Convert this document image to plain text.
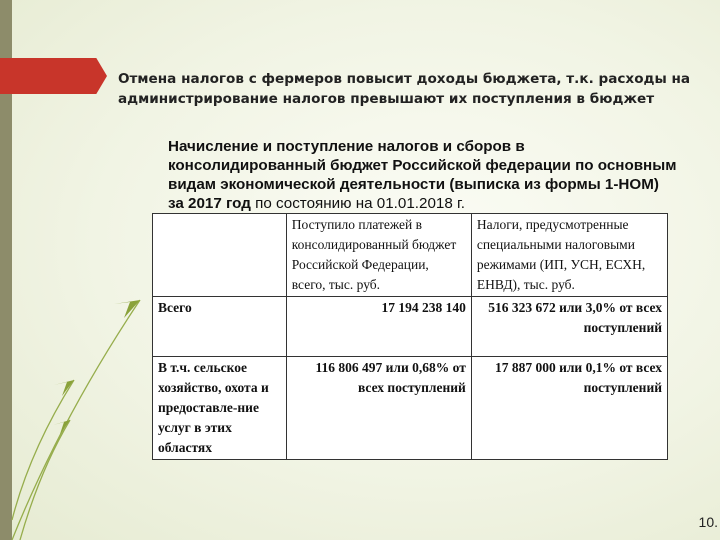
Отмена налогов с фермеров повысит доходы бюджета, т.к. расходы на администрирование налогов превышают их поступления в бюджет
Начисление и поступление налогов и сборов в консолидированный бюджет Российской федерации по основным видам экономической деятельности (выписка из формы 1-НОМ) за 2017 год по состоянию на 01.01.2018 г.
	Поступило платежей в консолидированный бюджет Российской Федерации, всего, тыс. руб.	Налоги, предусмотренные специальными налоговыми режимами (ИП, УСН, ЕСХН, ЕНВД), тыс. руб.
Всего	17 194 238 140	516 323 672 или 3,0% от всех поступлений
В т.ч. сельское хозяйство, охота и предоставле-ние услуг в этих областях	116 806 497 или 0,68% от всех поступлений	17 887 000 или 0,1% от всех поступлений
10.
